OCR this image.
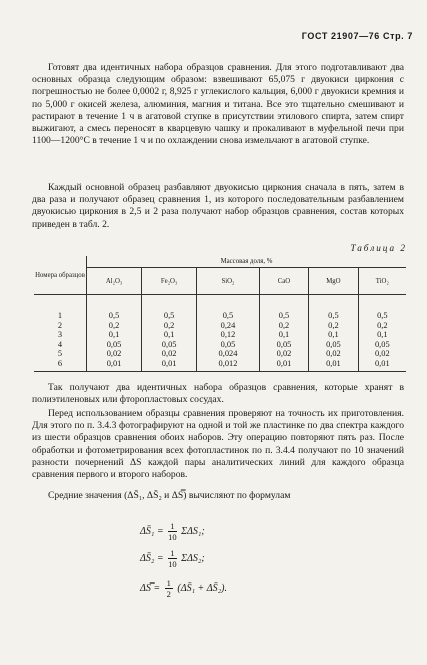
ГОСТ 21907—76 Стр. 7
Готовят два идентичных набора образцов сравнения. Для этого подготавливают два основных образца следующим образом: взвешивают 65,075 г двуокиси циркония с погрешностью не более 0,0002 г, 8,925 г углекислого кальция, 6,000 г двуокиси кремния и по 5,000 г окисей железа, алюминия, магния и титана. Все это тщательно смешивают и растирают в течение 1 ч в агатовой ступке в присутствии этилового спирта, затем спирт выжигают, а смесь переносят в кварцевую чашку и прокаливают в муфельной печи при 1100—1200°С в течение 1 ч и по охлаждении снова измельчают в агатовой ступке.
Каждый основной образец разбавляют двуокисью циркония сначала в пять, затем в два раза и получают образец сравнения 1, из которого последовательным разбавлением двуокисью циркония в 2,5 и 2 раза получают набор образцов сравнения, состав которых приведен в табл. 2.
Таблица 2
Номера образцов	Массовая доля, %					
	Al₂O₃	Fe₂O₃	SiO₂	CaO	MgO	TiO₂
1	0,5	0,5	0,5	0,5	0,5	0,5
2	0,2	0,2	0,24	0,2	0,2	0,2
3	0,1	0,1	0,12	0,1	0,1	0,1
4	0,05	0,05	0,05	0,05	0,05	0,05
5	0,02	0,02	0,024	0,02	0,02	0,02
6	0,01	0,01	0,012	0,01	0,01	0,01
Так получают два идентичных набора образцов сравнения, которые хранят в полиэтиленовых или фторопластовых сосудах.
Перед использованием образцы сравнения проверяют на точность их приготовления. Для этого по п. 3.4.3 фотографируют на одной и той же пластинке по два спектра каждого из шести образцов сравнения обоих наборов. Эту операцию повторяют пять раз. После обработки и фотометрирования всех фотопластинок по п. 3.4.4 получают по 10 значений разности почернений ΔS каждой пары аналитических линий для каждого образца сравнения первого и второго наборов.
Средние значения (ΔS̄₁, ΔS̄₂ и ΔS̿) вычисляют по формулам
ΔS̄₁ = $\frac{1}{10} \Sigma\Delta S_1$;
ΔS̄₂ = $\frac{1}{10} \Sigma\Delta S_2$;
ΔS̿ = $\frac{1}{2}$ (ΔS̄₁ + ΔS̄₂).
